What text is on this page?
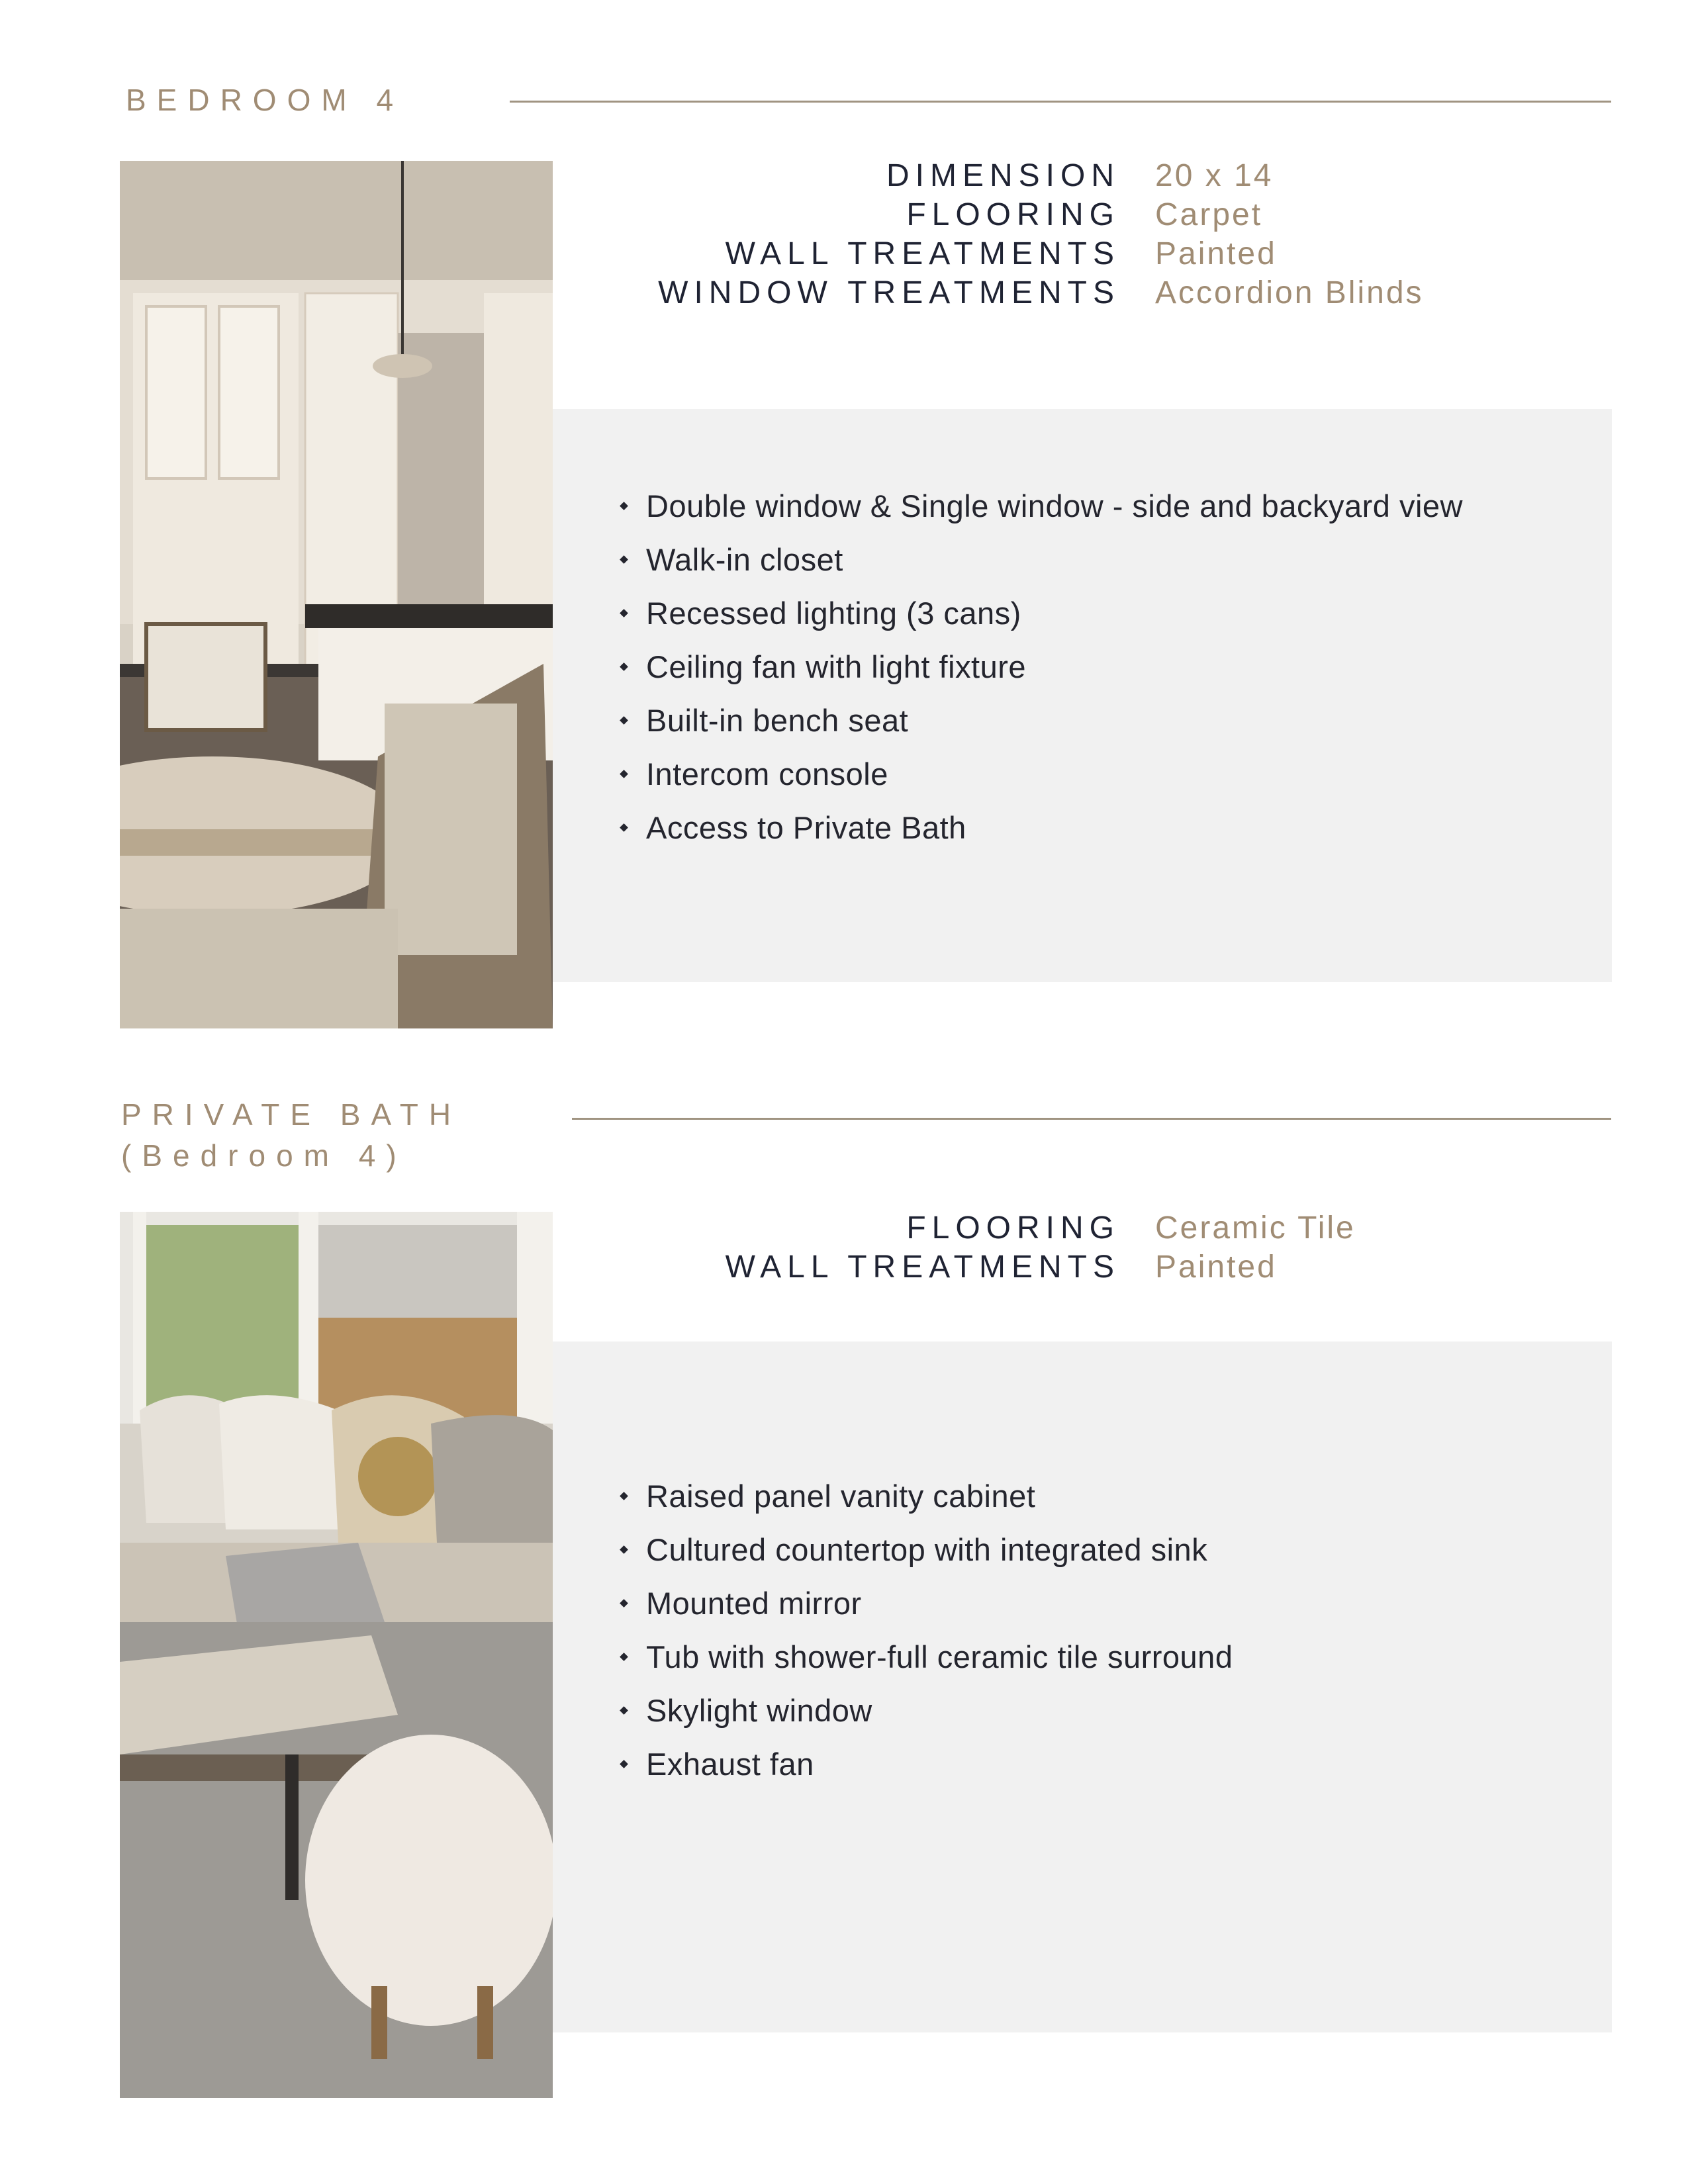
BEDROOM 4
DIMENSION 20 x 14
FLOORING Carpet
WALL TREATMENTS Painted
WINDOW TREATMENTS Accordion Blinds
Double window & Single window - side and backyard view
Walk-in closet
Recessed lighting (3 cans)
Ceiling fan with light fixture
Built-in bench seat
Intercom console
Access to Private Bath
PRIVATE BATH
(Bedroom 4)
FLOORING Ceramic Tile
WALL TREATMENTS Painted
Raised panel vanity cabinet
Cultured countertop with integrated sink
Mounted mirror
Tub with shower-full ceramic tile surround
Skylight window
Exhaust fan
